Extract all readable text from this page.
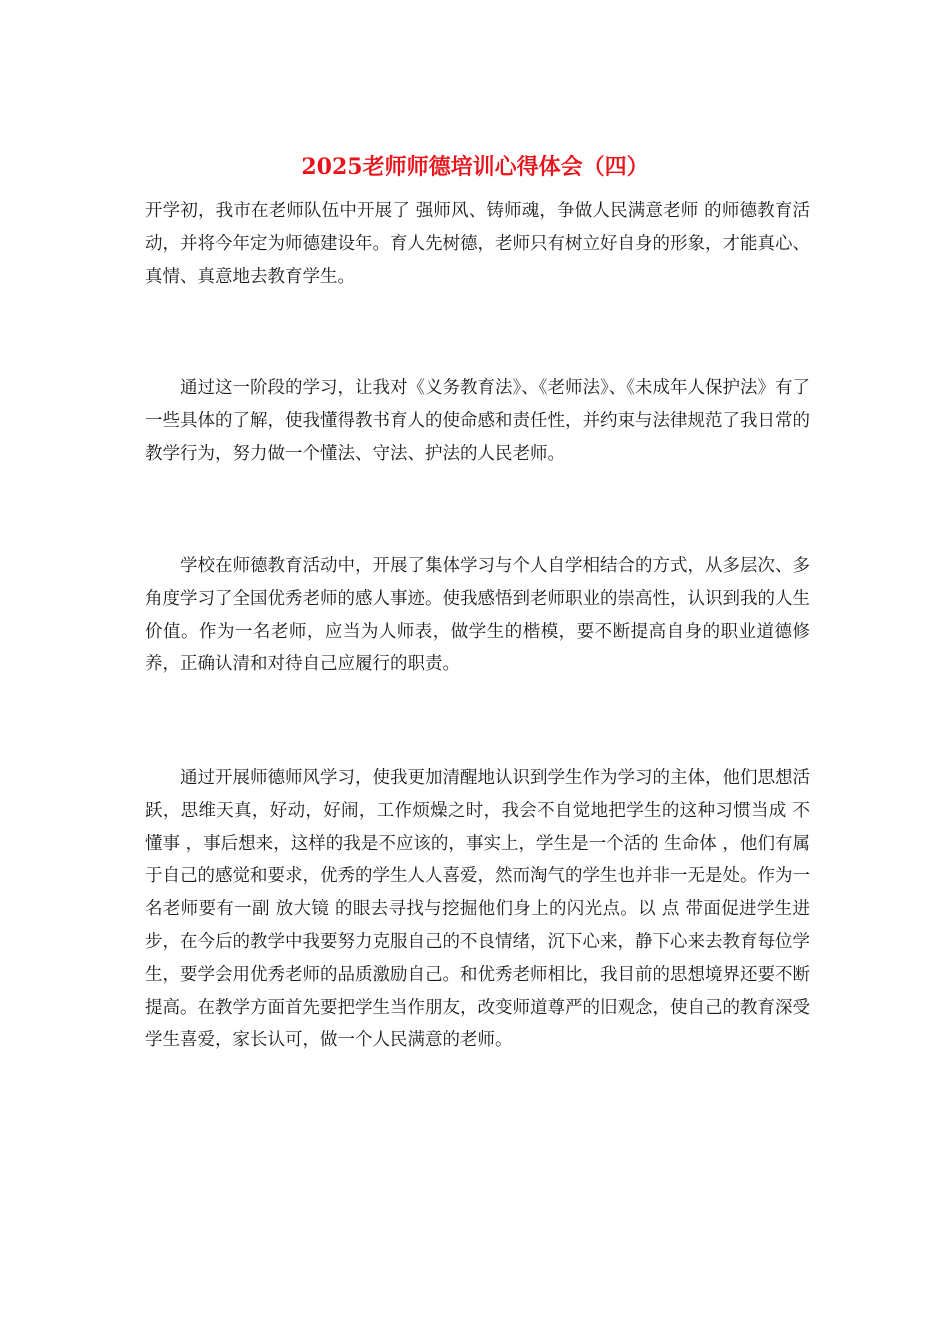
2025老师师德培训心得体会（四）

开学初，我市在老师队伍中开展了 强师风、铸师魂，争做人民满意老师 的师德教育活动，并将今年定为师德建设年。育人先树德，老师只有树立好自身的形象，才能真心、真情、真意地去教育学生。

通过这一阶段的学习，让我对《义务教育法》、《老师法》、《未成年人保护法》有了一些具体的了解，使我懂得教书育人的使命感和责任性，并约束与法律规范了我日常的教学行为，努力做一个懂法、守法、护法的人民老师。

学校在师德教育活动中，开展了集体学习与个人自学相结合的方式，从多层次、多角度学习了全国优秀老师的感人事迹。使我感悟到老师职业的崇高性，认识到我的人生价值。作为一名老师，应当为人师表，做学生的楷模，要不断提高自身的职业道德修养，正确认清和对待自己应履行的职责。

通过开展师德师风学习，使我更加清醒地认识到学生作为学习的主体，他们思想活跃，思维天真，好动，好闹，工作烦燥之时，我会不自觉地把学生的这种习惯当成 不懂事 ，事后想来，这样的我是不应该的，事实上，学生是一个活的 生命体 ，他们有属于自己的感觉和要求，优秀的学生人人喜爱，然而淘气的学生也并非一无是处。作为一名老师要有一副 放大镜 的眼去寻找与挖掘他们身上的闪光点。以 点 带面促进学生进步，在今后的教学中我要努力克服自己的不良情绪，沉下心来，静下心来去教育每位学生，要学会用优秀老师的品质激励自己。和优秀老师相比，我目前的思想境界还要不断提高。在教学方面首先要把学生当作朋友，改变师道尊严的旧观念，使自己的教育深受学生喜爱，家长认可，做一个人民满意的老师。
